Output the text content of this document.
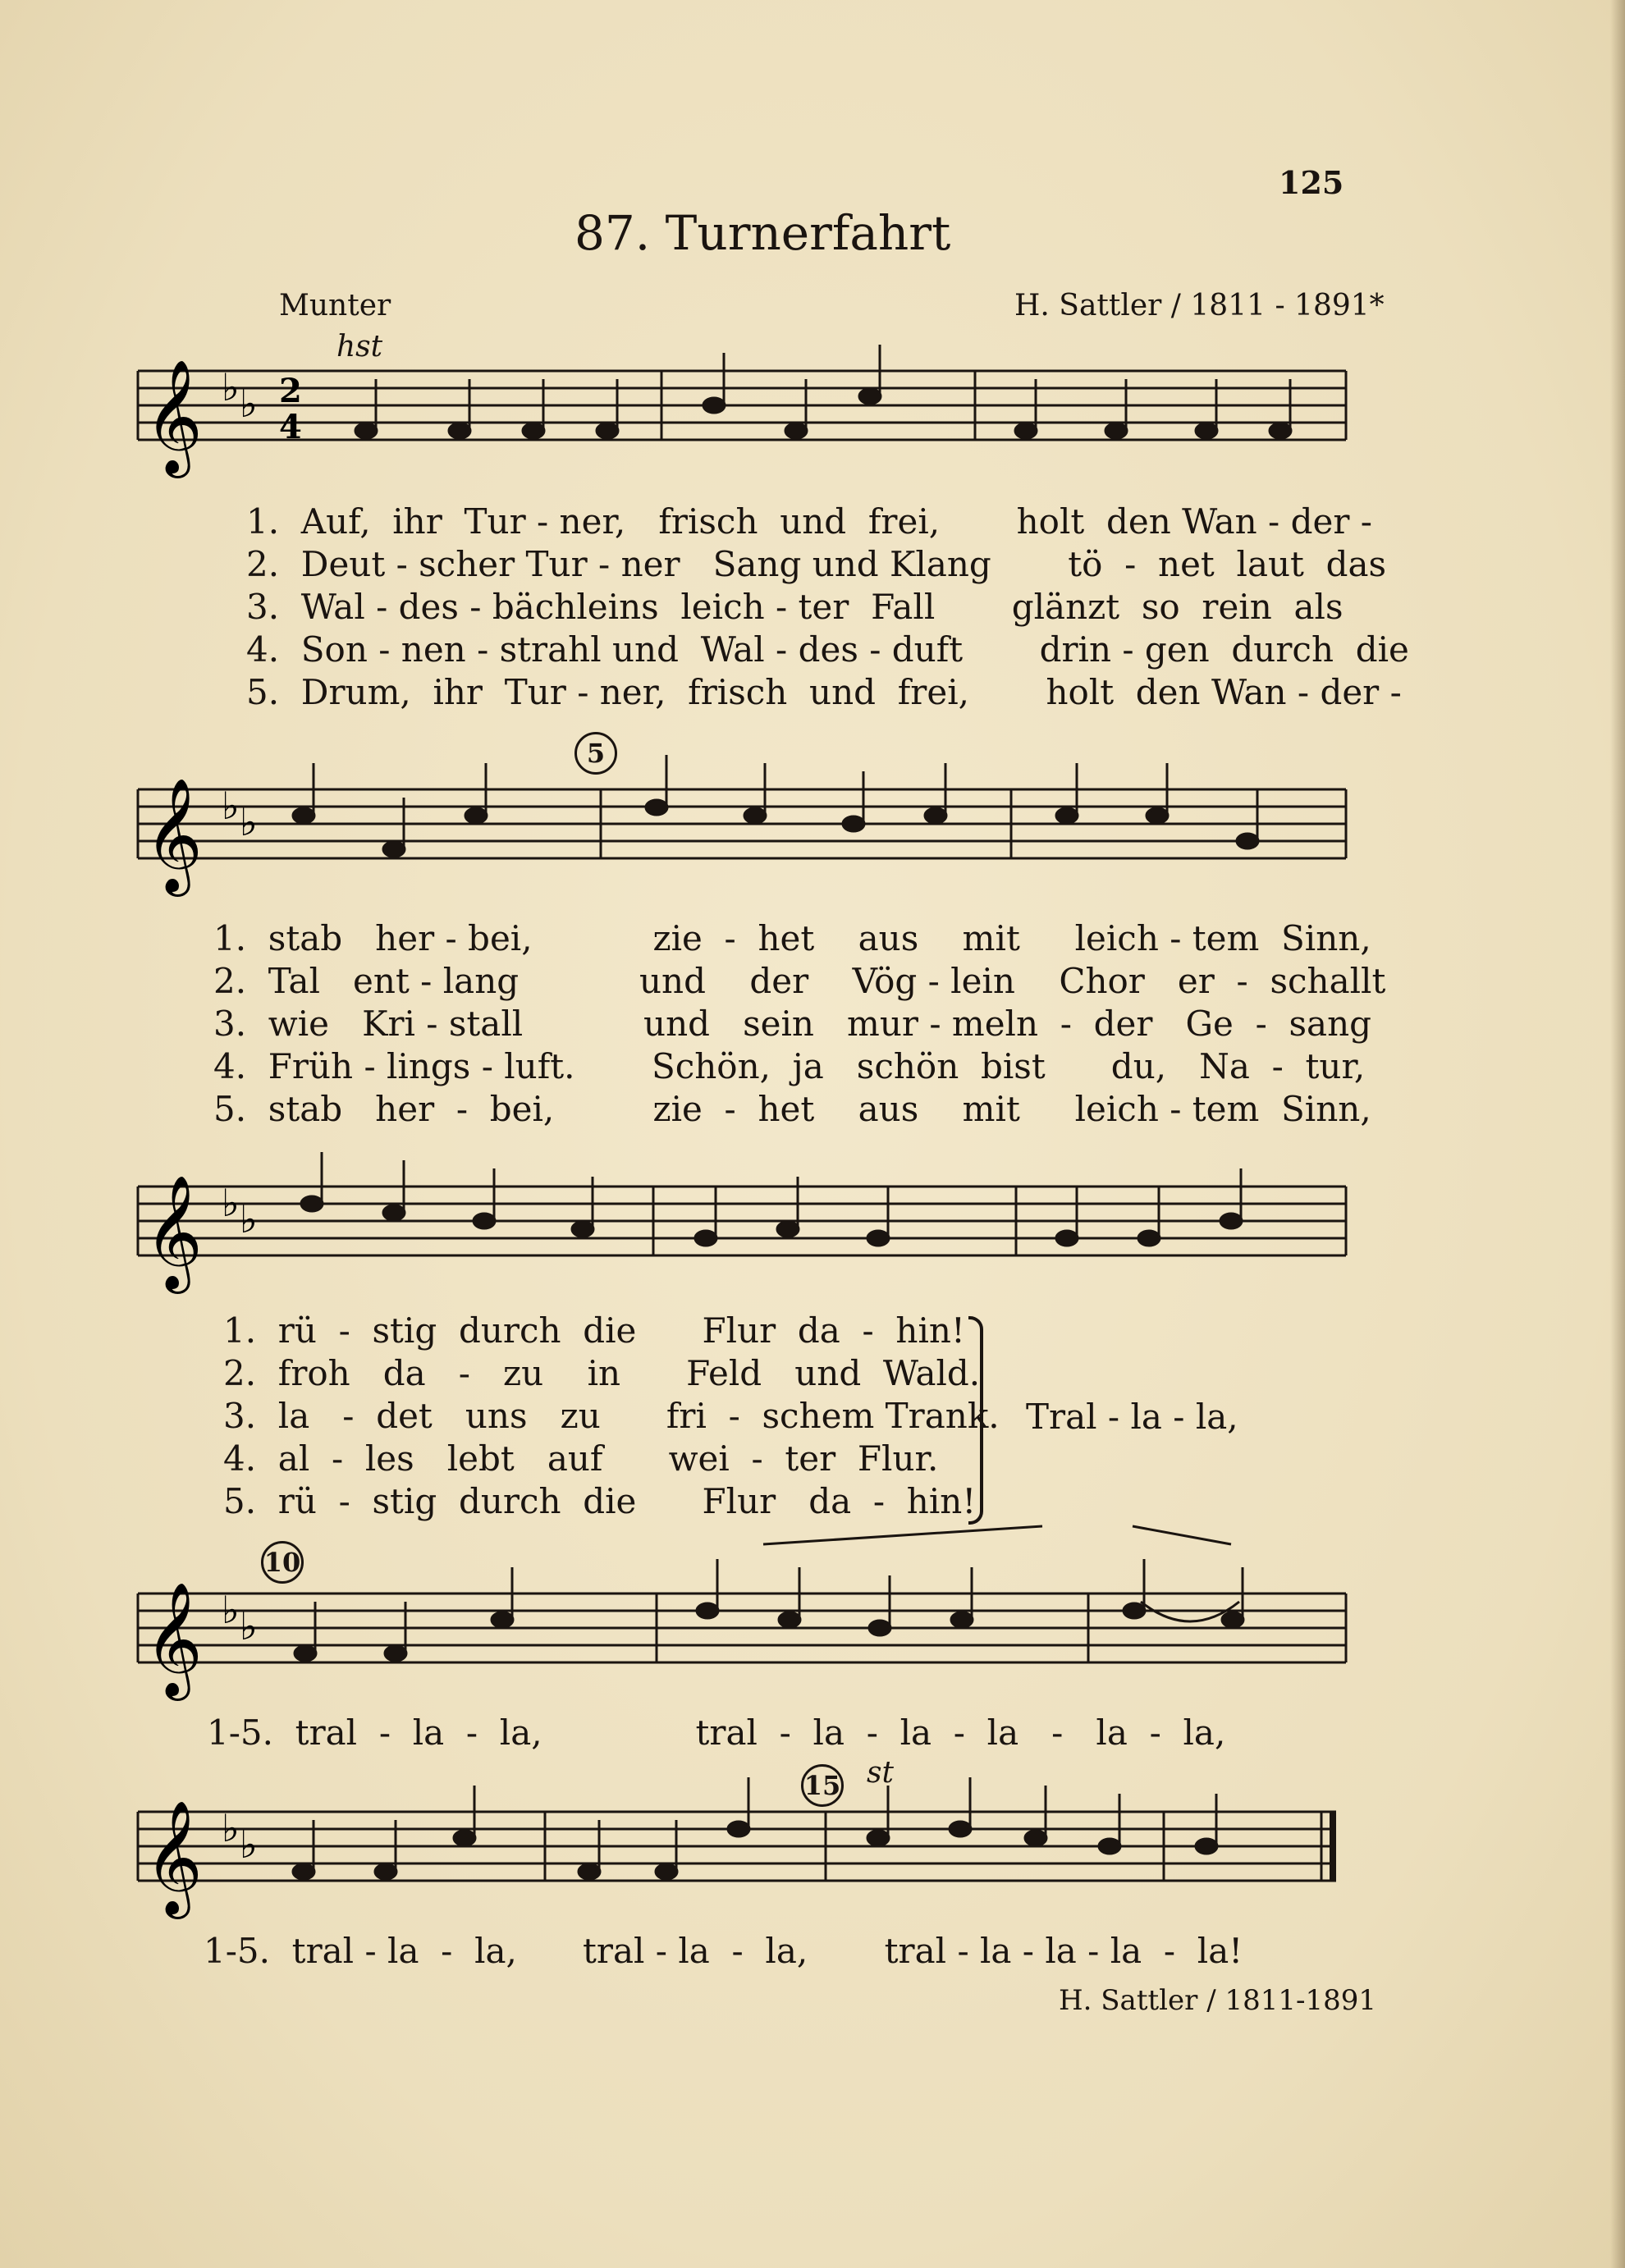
125
87. Turnerfahrt
Munter	H. Sattler / 1811 - 1891*
𝄞 ♭ ♭ 2
4
hst
1.  Auf,  ihr  Tur - ner,   frisch  und  frei,       holt  den Wan - der -
2.  Deut - scher Tur - ner   Sang und Klang       tö  -  net  laut  das
3.  Wal - des - bächleins  leich - ter  Fall       glänzt  so  rein  als
4.  Son - nen - strahl und  Wal - des - duft       drin - gen  durch  die
5.  Drum,  ihr  Tur - ner,  frisch  und  frei,       holt  den Wan - der -
𝄞 ♭ ♭
5
1.  stab   her - bei,           zie  -  het    aus    mit     leich - tem  Sinn,
2.  Tal   ent - lang           und    der    Vög - lein    Chor   er  -  schallt
3.  wie   Kri - stall           und   sein   mur - meln  -  der   Ge  -  sang
4.  Früh - lings - luft.       Schön,  ja   schön  bist      du,   Na  -  tur,
5.  stab   her  -  bei,         zie  -  het    aus    mit     leich - tem  Sinn,
𝄞 ♭ ♭
1.  rü  -  stig  durch  die      Flur  da  -  hin!
2.  froh   da   -   zu    in      Feld   und  Wald.
3.  la   -  det   uns   zu      fri  -  schem Trank.
4.  al  -  les   lebt   auf      wei  -  ter  Flur.
5.  rü  -  stig  durch  die      Flur   da  -  hin!
Tral - la - la,
𝄞 ♭ ♭
10
1-5.  tral  -  la  -  la,              tral  -  la  -  la  -  la   -   la  -  la,
𝄞 ♭ ♭
15 st
1-5.  tral - la  -  la,      tral - la  -  la,       tral - la - la - la  -  la!
H. Sattler / 1811-1891
